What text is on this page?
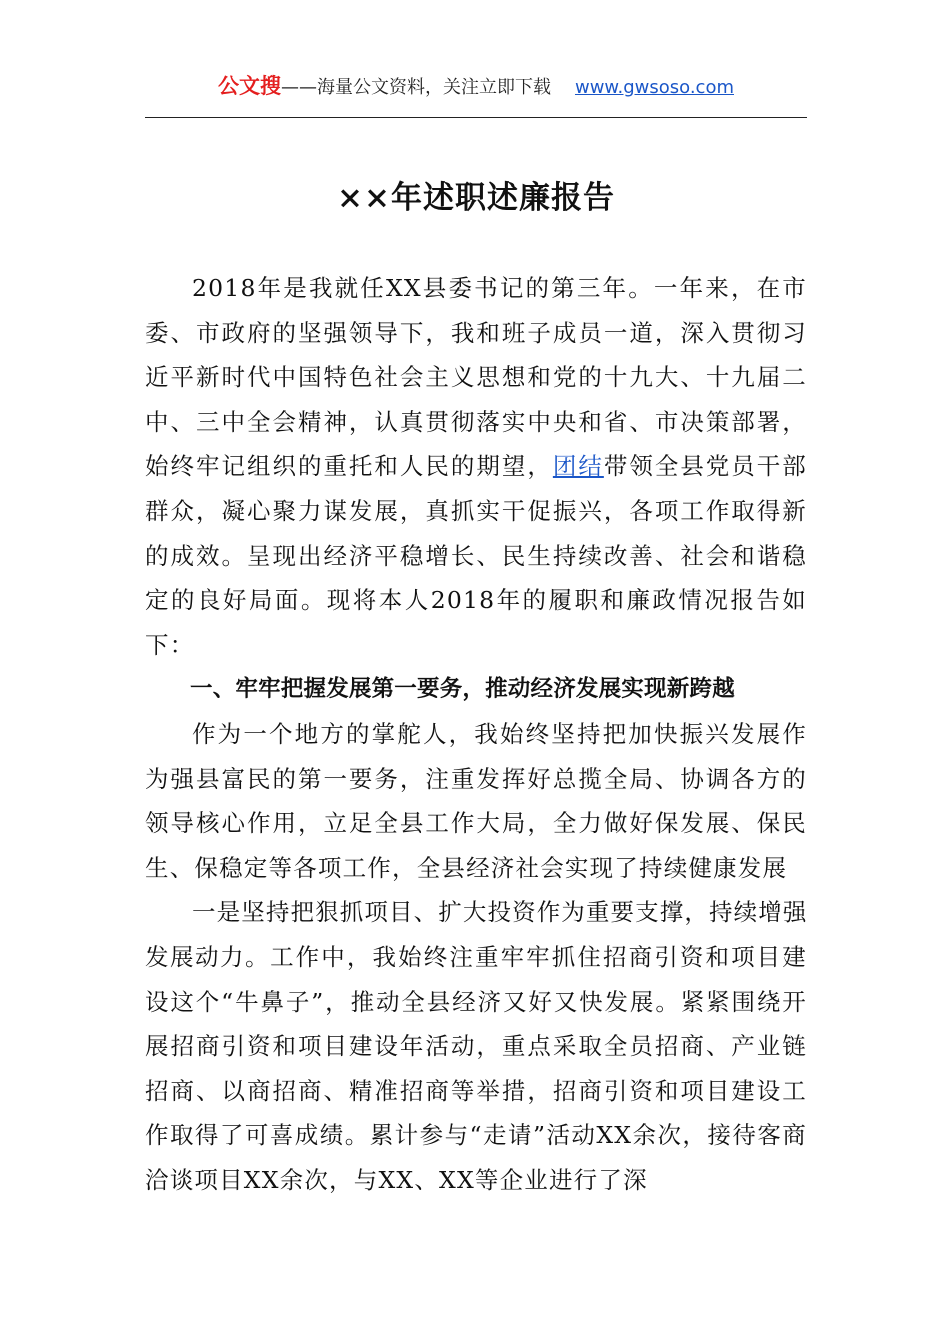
公文搜——海量公文资料，关注立即下载 www.gwsoso.com
××年述职述廉报告

2018年是我就任XX县委书记的第三年。一年来，在市委、市政府的坚强领导下，我和班子成员一道，深入贯彻习近平新时代中国特色社会主义思想和党的十九大、十九届二中、三中全会精神，认真贯彻落实中央和省、市决策部署，始终牢记组织的重托和人民的期望，团结带领全县党员干部群众，凝心聚力谋发展，真抓实干促振兴，各项工作取得新的成效。呈现出经济平稳增长、民生持续改善、社会和谐稳定的良好局面。现将本人2018年的履职和廉政情况报告如下：

一、牢牢把握发展第一要务，推动经济发展实现新跨越

作为一个地方的掌舵人，我始终坚持把加快振兴发展作为强县富民的第一要务，注重发挥好总揽全局、协调各方的领导核心作用，立足全县工作大局，全力做好保发展、保民生、保稳定等各项工作，全县经济社会实现了持续健康发展

一是坚持把狠抓项目、扩大投资作为重要支撑，持续增强发展动力。工作中，我始终注重牢牢抓住招商引资和项目建设这个“牛鼻子”，推动全县经济又好又快发展。紧紧围绕开展招商引资和项目建设年活动，重点采取全员招商、产业链招商、以商招商、精准招商等举措，招商引资和项目建设工作取得了可喜成绩。累计参与“走请”活动XX余次，接待客商洽谈项目XX余次，与XX、XX等企业进行了深
